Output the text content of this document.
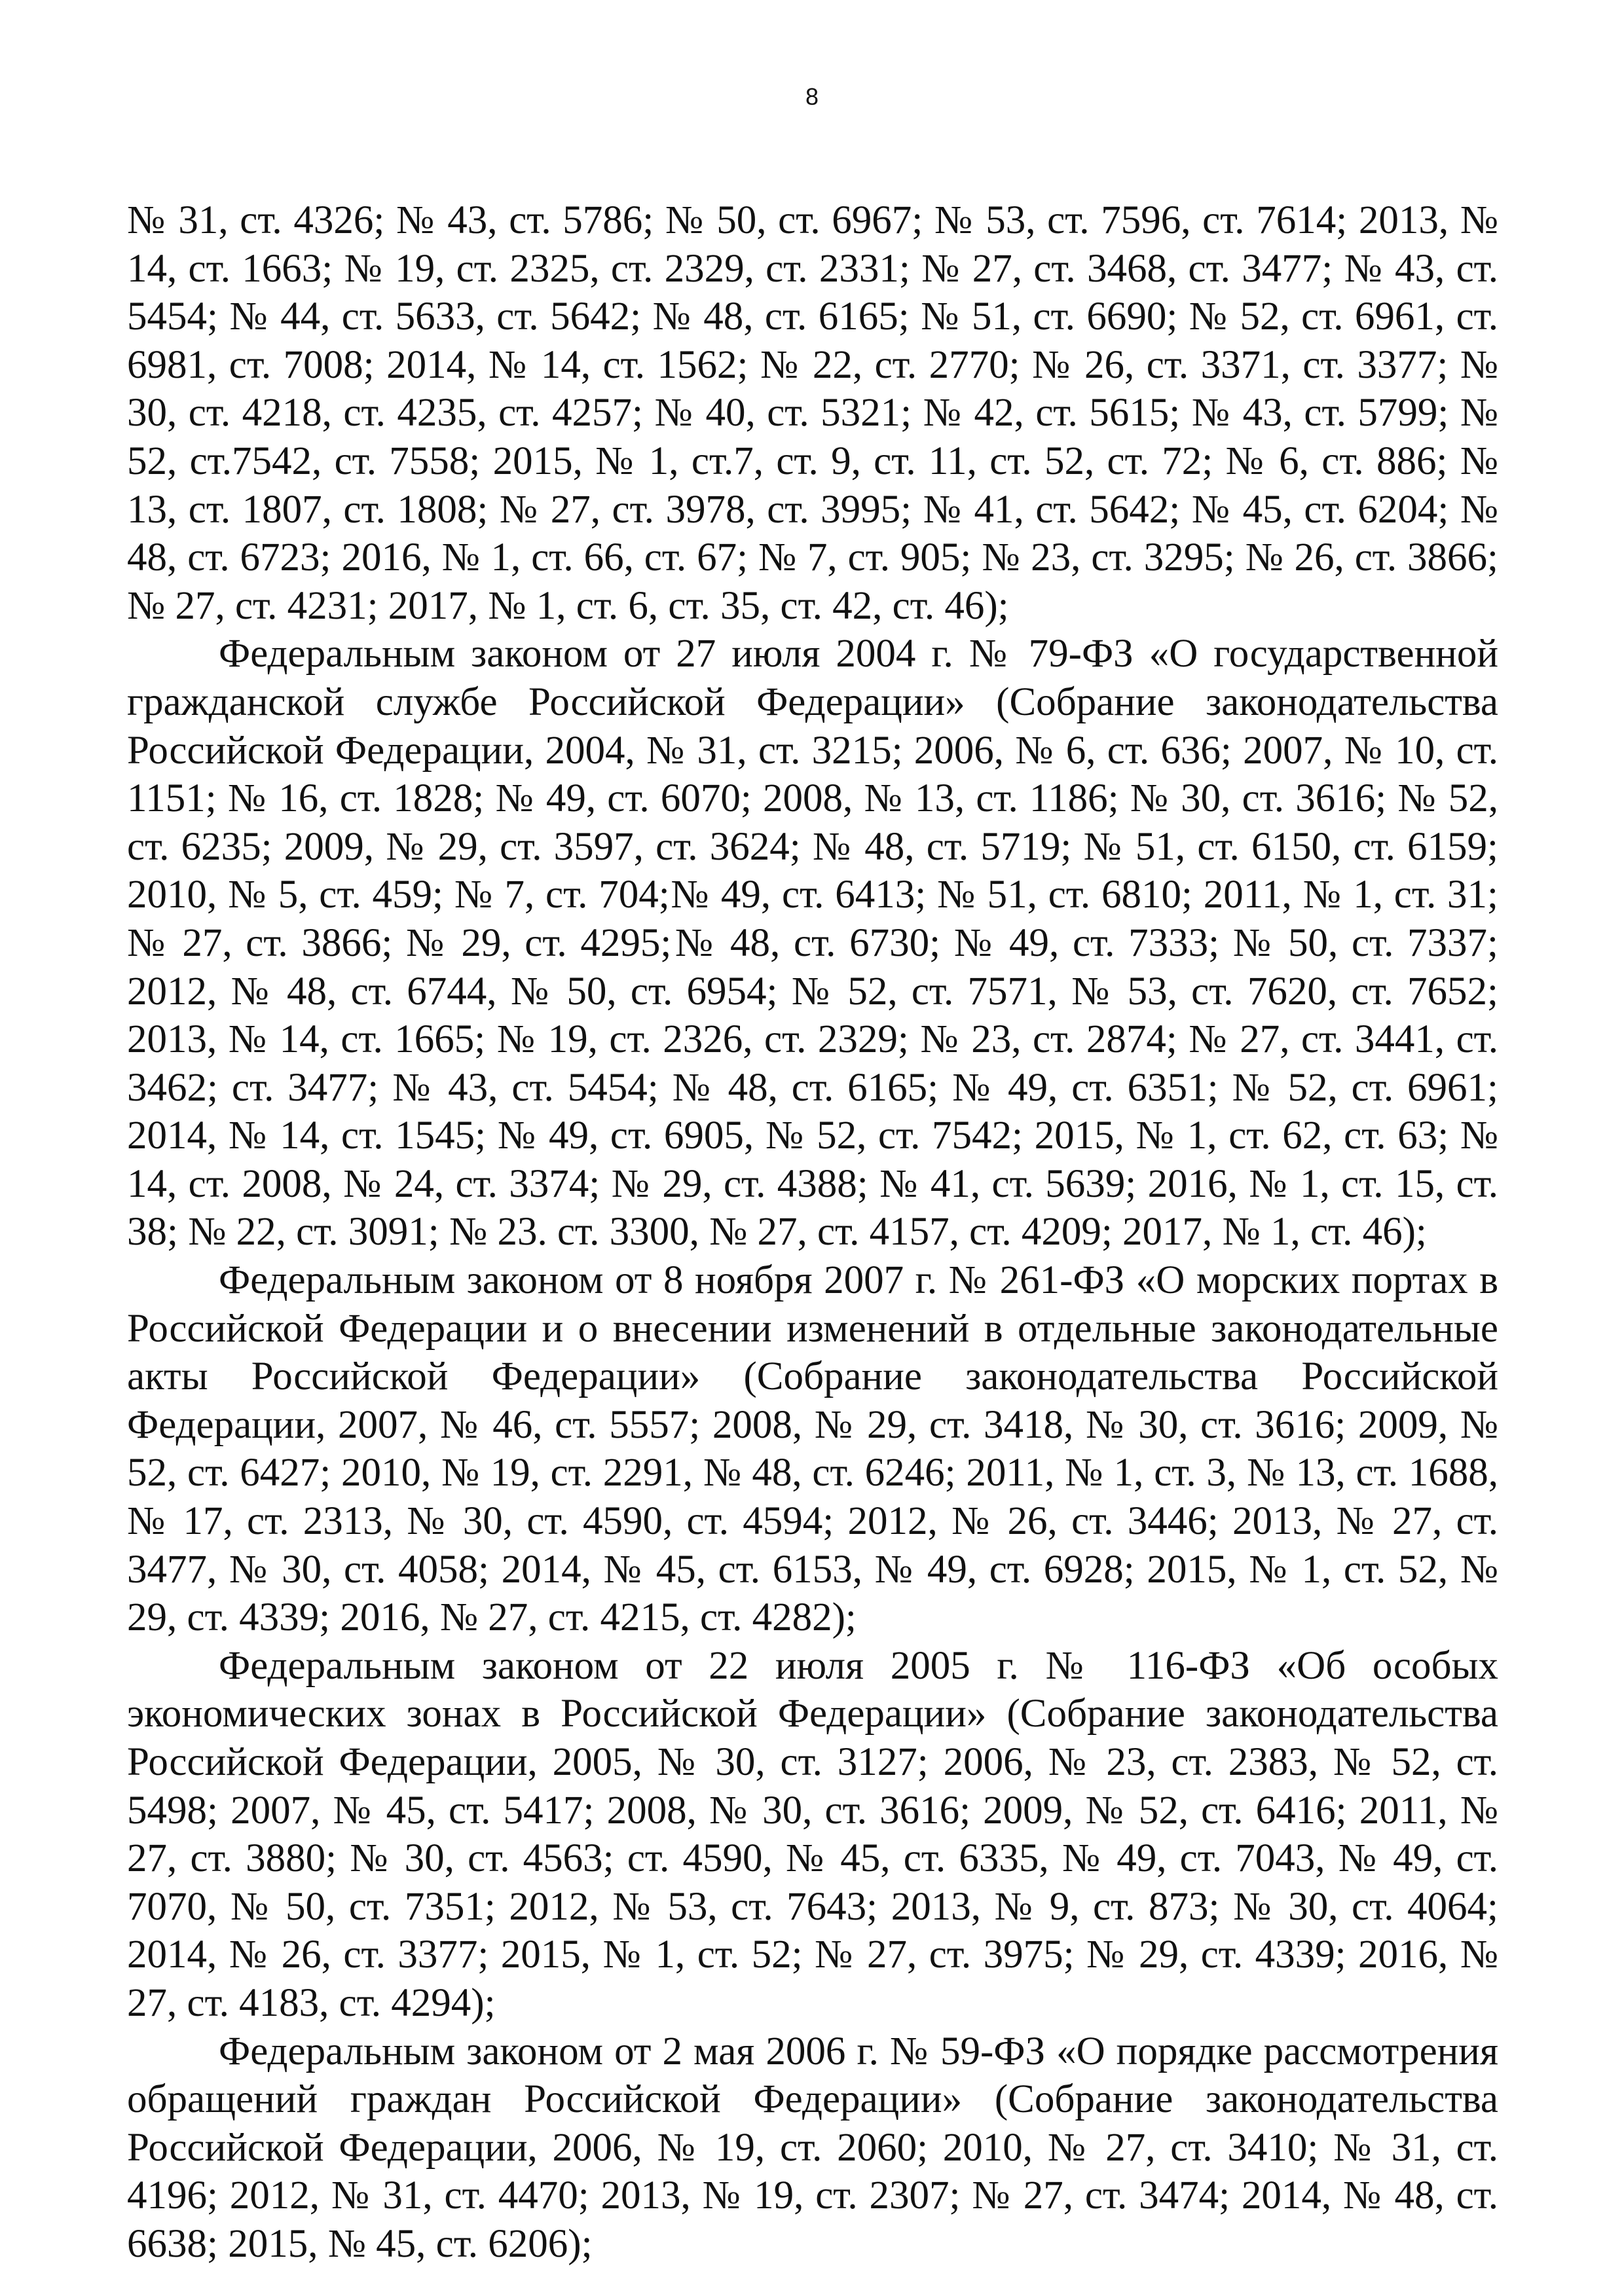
8

№ 31, ст. 4326; № 43, ст. 5786; № 50, ст. 6967; № 53, ст. 7596, ст. 7614; 2013, № 14, ст. 1663; № 19, ст. 2325, ст. 2329, ст. 2331; № 27, ст. 3468, ст. 3477; № 43, ст. 5454; № 44, ст. 5633, ст. 5642; № 48, ст. 6165; № 51, ст. 6690; № 52, ст. 6961, ст. 6981, ст. 7008; 2014, № 14, ст. 1562; № 22, ст. 2770; № 26, ст. 3371, ст. 3377; № 30, ст. 4218, ст. 4235, ст. 4257; № 40, ст. 5321; № 42, ст. 5615; № 43, ст. 5799; № 52, ст.7542, ст. 7558; 2015, № 1, ст.7, ст. 9, ст. 11, ст. 52, ст. 72; № 6, ст. 886; № 13, ст. 1807, ст. 1808; № 27, ст. 3978, ст. 3995; № 41, ст. 5642; № 45, ст. 6204; № 48, ст. 6723; 2016, № 1, ст. 66, ст. 67; № 7, ст. 905; № 23, ст. 3295; № 26, ст. 3866; № 27, ст. 4231; 2017, № 1, ст. 6, ст. 35, ст. 42, ст. 46);

Федеральным законом от 27 июля 2004 г. № 79-ФЗ «О государственной гражданской службе Российской Федерации» (Собрание законодательства Российской Федерации, 2004, № 31, ст. 3215; 2006, № 6, ст. 636; 2007, № 10, ст. 1151; № 16, ст. 1828; № 49, ст. 6070; 2008, № 13, ст. 1186; № 30, ст. 3616; № 52, ст. 6235; 2009, № 29, ст. 3597, ст. 3624; № 48, ст. 5719; № 51, ст. 6150, ст. 6159; 2010, № 5, ст. 459; № 7, ст. 704;№ 49, ст. 6413; № 51, ст. 6810; 2011, № 1, ст. 31; № 27, ст. 3866; № 29, ст. 4295;№ 48, ст. 6730; № 49, ст. 7333; № 50, ст. 7337; 2012, № 48, ст. 6744, № 50, ст. 6954; № 52, ст. 7571, № 53, ст. 7620, ст. 7652; 2013, № 14, ст. 1665; № 19, ст. 2326, ст. 2329; № 23, ст. 2874; № 27, ст. 3441, ст. 3462; ст. 3477; № 43, ст. 5454; № 48, ст. 6165; № 49, ст. 6351; № 52, ст. 6961; 2014, № 14, ст. 1545; № 49, ст. 6905, № 52, ст. 7542; 2015, № 1, ст. 62, ст. 63; № 14, ст. 2008, № 24, ст. 3374; № 29, ст. 4388; № 41, ст. 5639; 2016, № 1, ст. 15, ст. 38; № 22, ст. 3091; № 23. ст. 3300, № 27, ст. 4157, ст. 4209; 2017, № 1, ст. 46);

Федеральным законом от 8 ноября 2007 г. № 261-ФЗ «О морских портах в Российской Федерации и о внесении изменений в отдельные законодательные акты Российской Федерации» (Собрание законодательства Российской Федерации, 2007, № 46, ст. 5557; 2008, № 29, ст. 3418, № 30, ст. 3616; 2009, № 52, ст. 6427; 2010, № 19, ст. 2291, № 48, ст. 6246; 2011, № 1, ст. 3, № 13, ст. 1688, № 17, ст. 2313, № 30, ст. 4590, ст. 4594; 2012, № 26, ст. 3446; 2013, № 27, ст. 3477, № 30, ст. 4058; 2014, № 45, ст. 6153, № 49, ст. 6928; 2015, № 1, ст. 52, № 29, ст. 4339; 2016, № 27, ст. 4215, ст. 4282);

Федеральным законом от 22 июля 2005 г. № 116-ФЗ «Об особых экономических зонах в Российской Федерации» (Собрание законодательства Российской Федерации, 2005, № 30, ст. 3127; 2006, № 23, ст. 2383, № 52, ст. 5498; 2007, № 45, ст. 5417; 2008, № 30, ст. 3616; 2009, № 52, ст. 6416; 2011, № 27, ст. 3880; № 30, ст. 4563; ст. 4590, № 45, ст. 6335, № 49, ст. 7043, № 49, ст. 7070, № 50, ст. 7351; 2012, № 53, ст. 7643; 2013, № 9, ст. 873; № 30, ст. 4064; 2014, № 26, ст. 3377; 2015, № 1, ст. 52; № 27, ст. 3975; № 29, ст. 4339; 2016, № 27, ст. 4183, ст. 4294);

Федеральным законом от 2 мая 2006 г. № 59-ФЗ «О порядке рассмотрения обращений граждан Российской Федерации» (Собрание законодательства Российской Федерации, 2006, № 19, ст. 2060; 2010, № 27, ст. 3410; № 31, ст. 4196; 2012, № 31, ст. 4470; 2013, № 19, ст. 2307; № 27, ст. 3474; 2014, № 48, ст. 6638; 2015, № 45, ст. 6206);
